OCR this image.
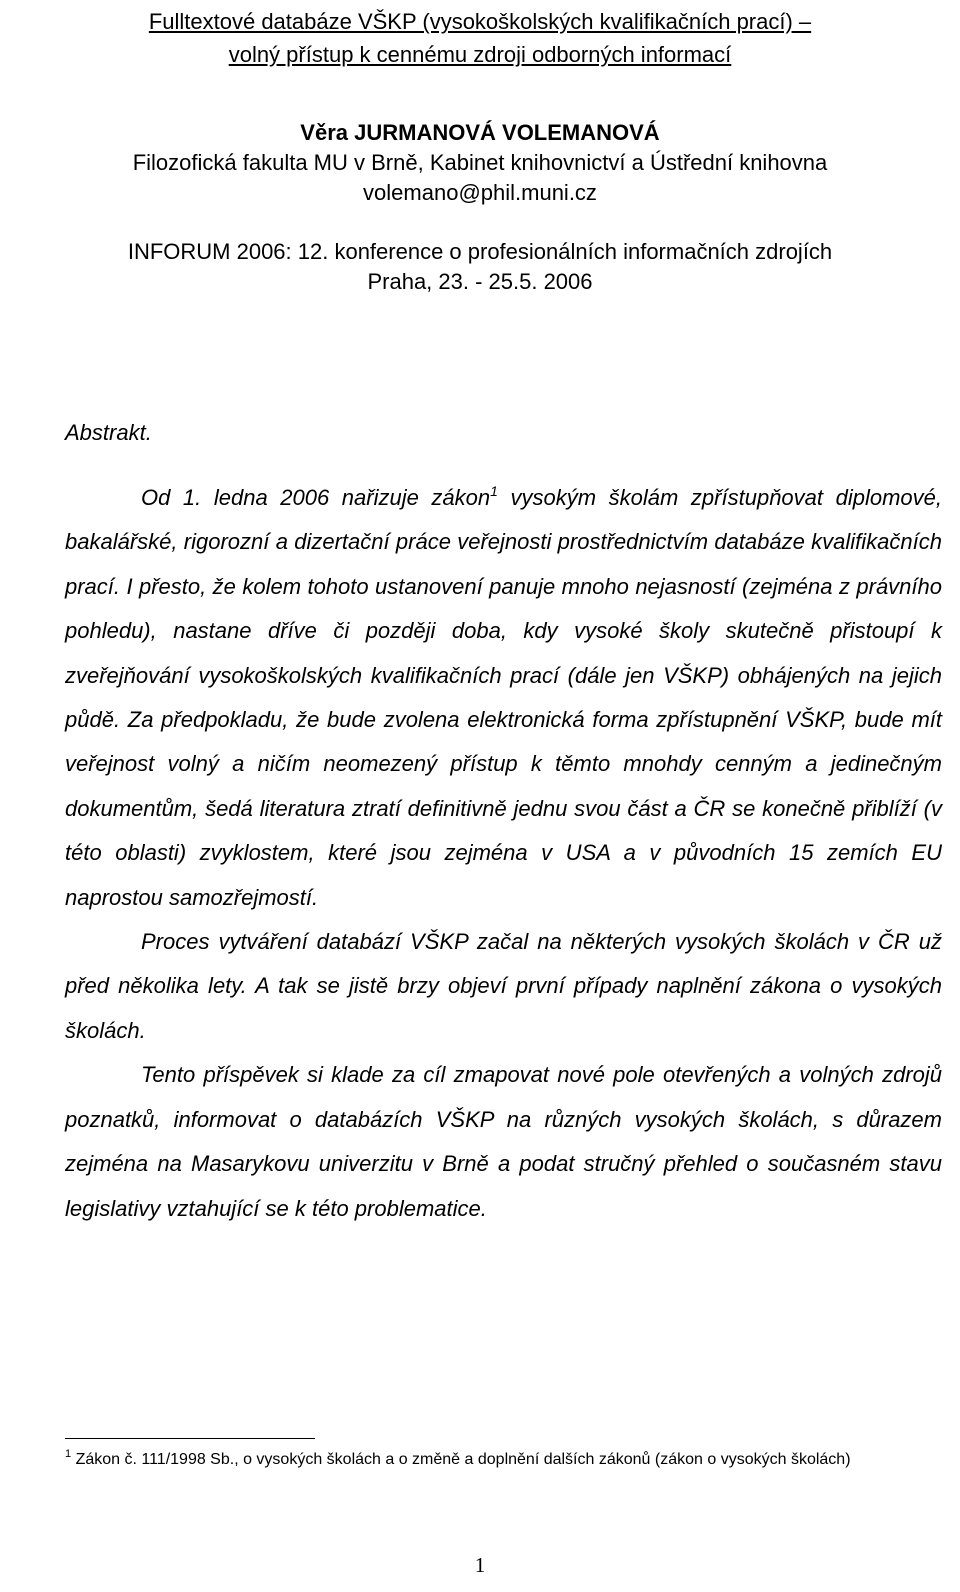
Fulltextové databáze VŠKP (vysokoškolských kvalifikačních prací) –

volný přístup k cennému zdroji odborných informací

Věra JURMANOVÁ VOLEMANOVÁ

Filozofická fakulta MU v Brně, Kabinet knihovnictví a Ústřední knihovna

volemano@phil.muni.cz

INFORUM 2006: 12. konference o profesionálních informačních zdrojích

Praha, 23. - 25.5. 2006

Abstrakt.

Od 1. ledna 2006 nařizuje zákon$^1$ vysokým školám zpřístupňovat diplomové, bakalářské, rigorozní a dizertační práce veřejnosti prostřednictvím databáze kvalifikačních prací. I přesto, že kolem tohoto ustanovení panuje mnoho nejasností (zejména z právního pohledu), nastane dříve či později doba, kdy vysoké školy skutečně přistoupí k zveřejňování vysokoškolských kvalifikačních prací (dále jen VŠKP) obhájených na jejich půdě. Za předpokladu, že bude zvolena elektronická forma zpřístupnění VŠKP, bude mít veřejnost volný a ničím neomezený přístup k těmto mnohdy cenným a jedinečným dokumentům, šedá literatura ztratí definitivně jednu svou část a ČR se konečně přiblíží (v této oblasti) zvyklostem, které jsou zejména v USA a v původních 15 zemích EU naprostou samozřejmostí.

Proces vytváření databází VŠKP začal na některých vysokých školách v ČR už před několika lety. A tak se jistě brzy objeví první případy naplnění zákona o vysokých školách.

Tento příspěvek si klade za cíl zmapovat nové pole otevřených a volných zdrojů poznatků, informovat o databázích VŠKP na různých vysokých školách, s důrazem zejména na Masarykovu univerzitu v Brně a podat stručný přehled o současném stavu legislativy vztahující se k této problematice.

$^1$ Zákon č. 111/1998 Sb., o vysokých školách a o změně a doplnění dalších zákonů (zákon o vysokých školách)
1
